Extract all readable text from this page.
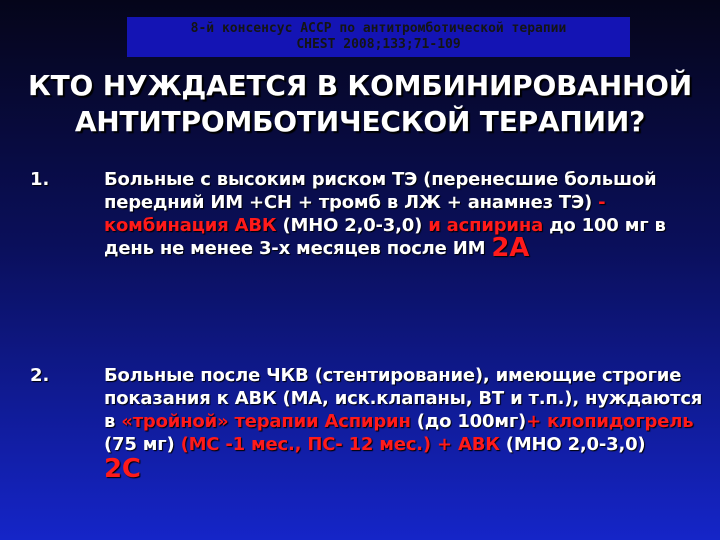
8-й консенсус АССР по антитромботической терапии
CHEST 2008;133;71-109
КТО НУЖДАЕТСЯ В КОМБИНИРОВАННОЙ
АНТИТРОМБОТИЧЕСКОЙ ТЕРАПИИ?
1.	Больные с высоким риском ТЭ (перенесшие большой передний ИМ +СН + тромб в ЛЖ + анамнез ТЭ) - комбинация АВК (МНО 2,0-3,0) и аспирина до 100 мг в день не менее 3-х месяцев после ИМ 2А
2.	Больные после ЧКВ (стентирование), имеющие строгие показания к АВК (МА, иск.клапаны, ВТ и т.п.), нуждаются в «тройной» терапии Аспирин (до 100мг)+ клопидогрель (75 мг) (МС -1 мес., ПС- 12 мес.) + АВК (МНО 2,0-3,0)
2С
